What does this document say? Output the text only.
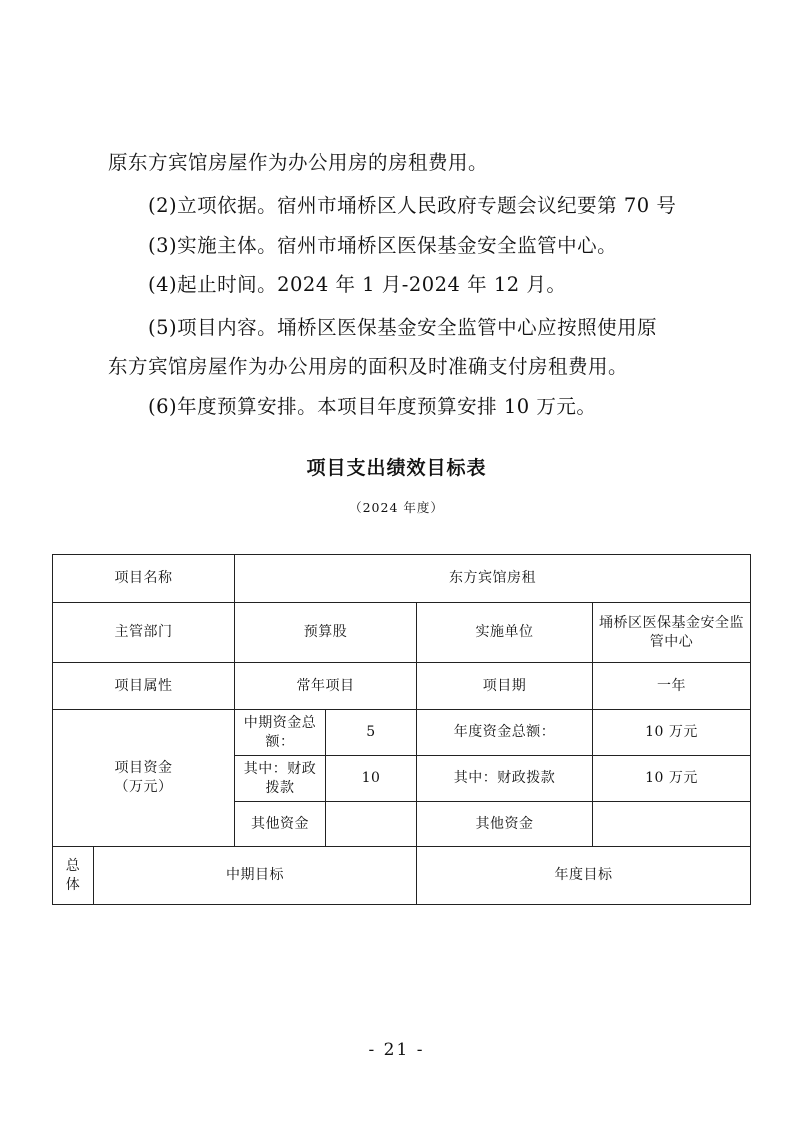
原东方宾馆房屋作为办公用房的房租费用。

(2)立项依据。宿州市埇桥区人民政府专题会议纪要第 70 号

(3)实施主体。宿州市埇桥区医保基金安全监管中心。

(4)起止时间。2024 年 1 月-2024 年 12 月。

(5)项目内容。埇桥区医保基金安全监管中心应按照使用原

东方宾馆房屋作为办公用房的面积及时准确支付房租费用。

(6)年度预算安排。本项目年度预算安排 10 万元。

项目支出绩效目标表
（2024 年度）
项目名称		东方宾馆房租			
主管部门		预算股		实施单位	埇桥区医保基金安全监管中心
项目属性		常年项目		项目期	一年
项目资金
（万元）		中期资金总额：	5	年度资金总额：	10 万元
		其中：财政拨款	10	其中：财政拨款	10 万元
		其他资金		其他资金	
总
体	中期目标			年度目标	
- 21 -
